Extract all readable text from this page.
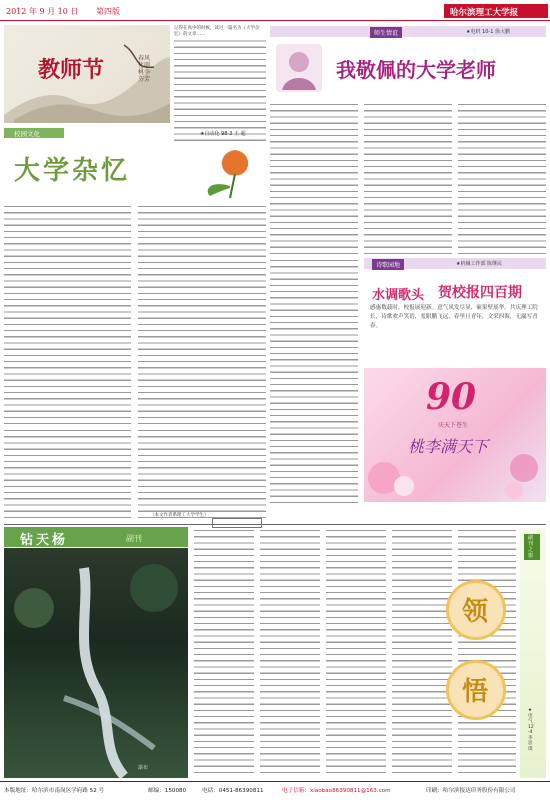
2012 年 9 月 10 日 第四版	哈尔滨理工大学报
教师节	春风化雨 桃李芬芳
记得在高中的时候，读过一篇名为《大学杂忆》的文章……
校园文化	★自动化 98-3 王 超
大学杂忆
（本文作者系理工大学学生）
师生情谊	★电机 10-1 徐大鹏
我敬佩的大学老师
诗歌园地	★机械工作部 陈继民
水调歌头 贺校报四百期
感惠数载时，校报展迎新。意气风发尽显，硕果壁瑶华。共庆理工院长，诗歌欢声笑语，羞眼鹏飞远，春里且青年，文采四海，无漏写青春。
90
庆天下苍生
桃李满天下
钻天杨	副刊
瀑布
副刊之窗
★电气 12-4 李思琪
领
悟
本版地址：哈尔滨市南岗区学府路 52 号	邮编：150080	电话：0451-86390811	电子信箱：xiaobao86390811@163.com	印刷：哈尔滨报达印务股份有限公司
